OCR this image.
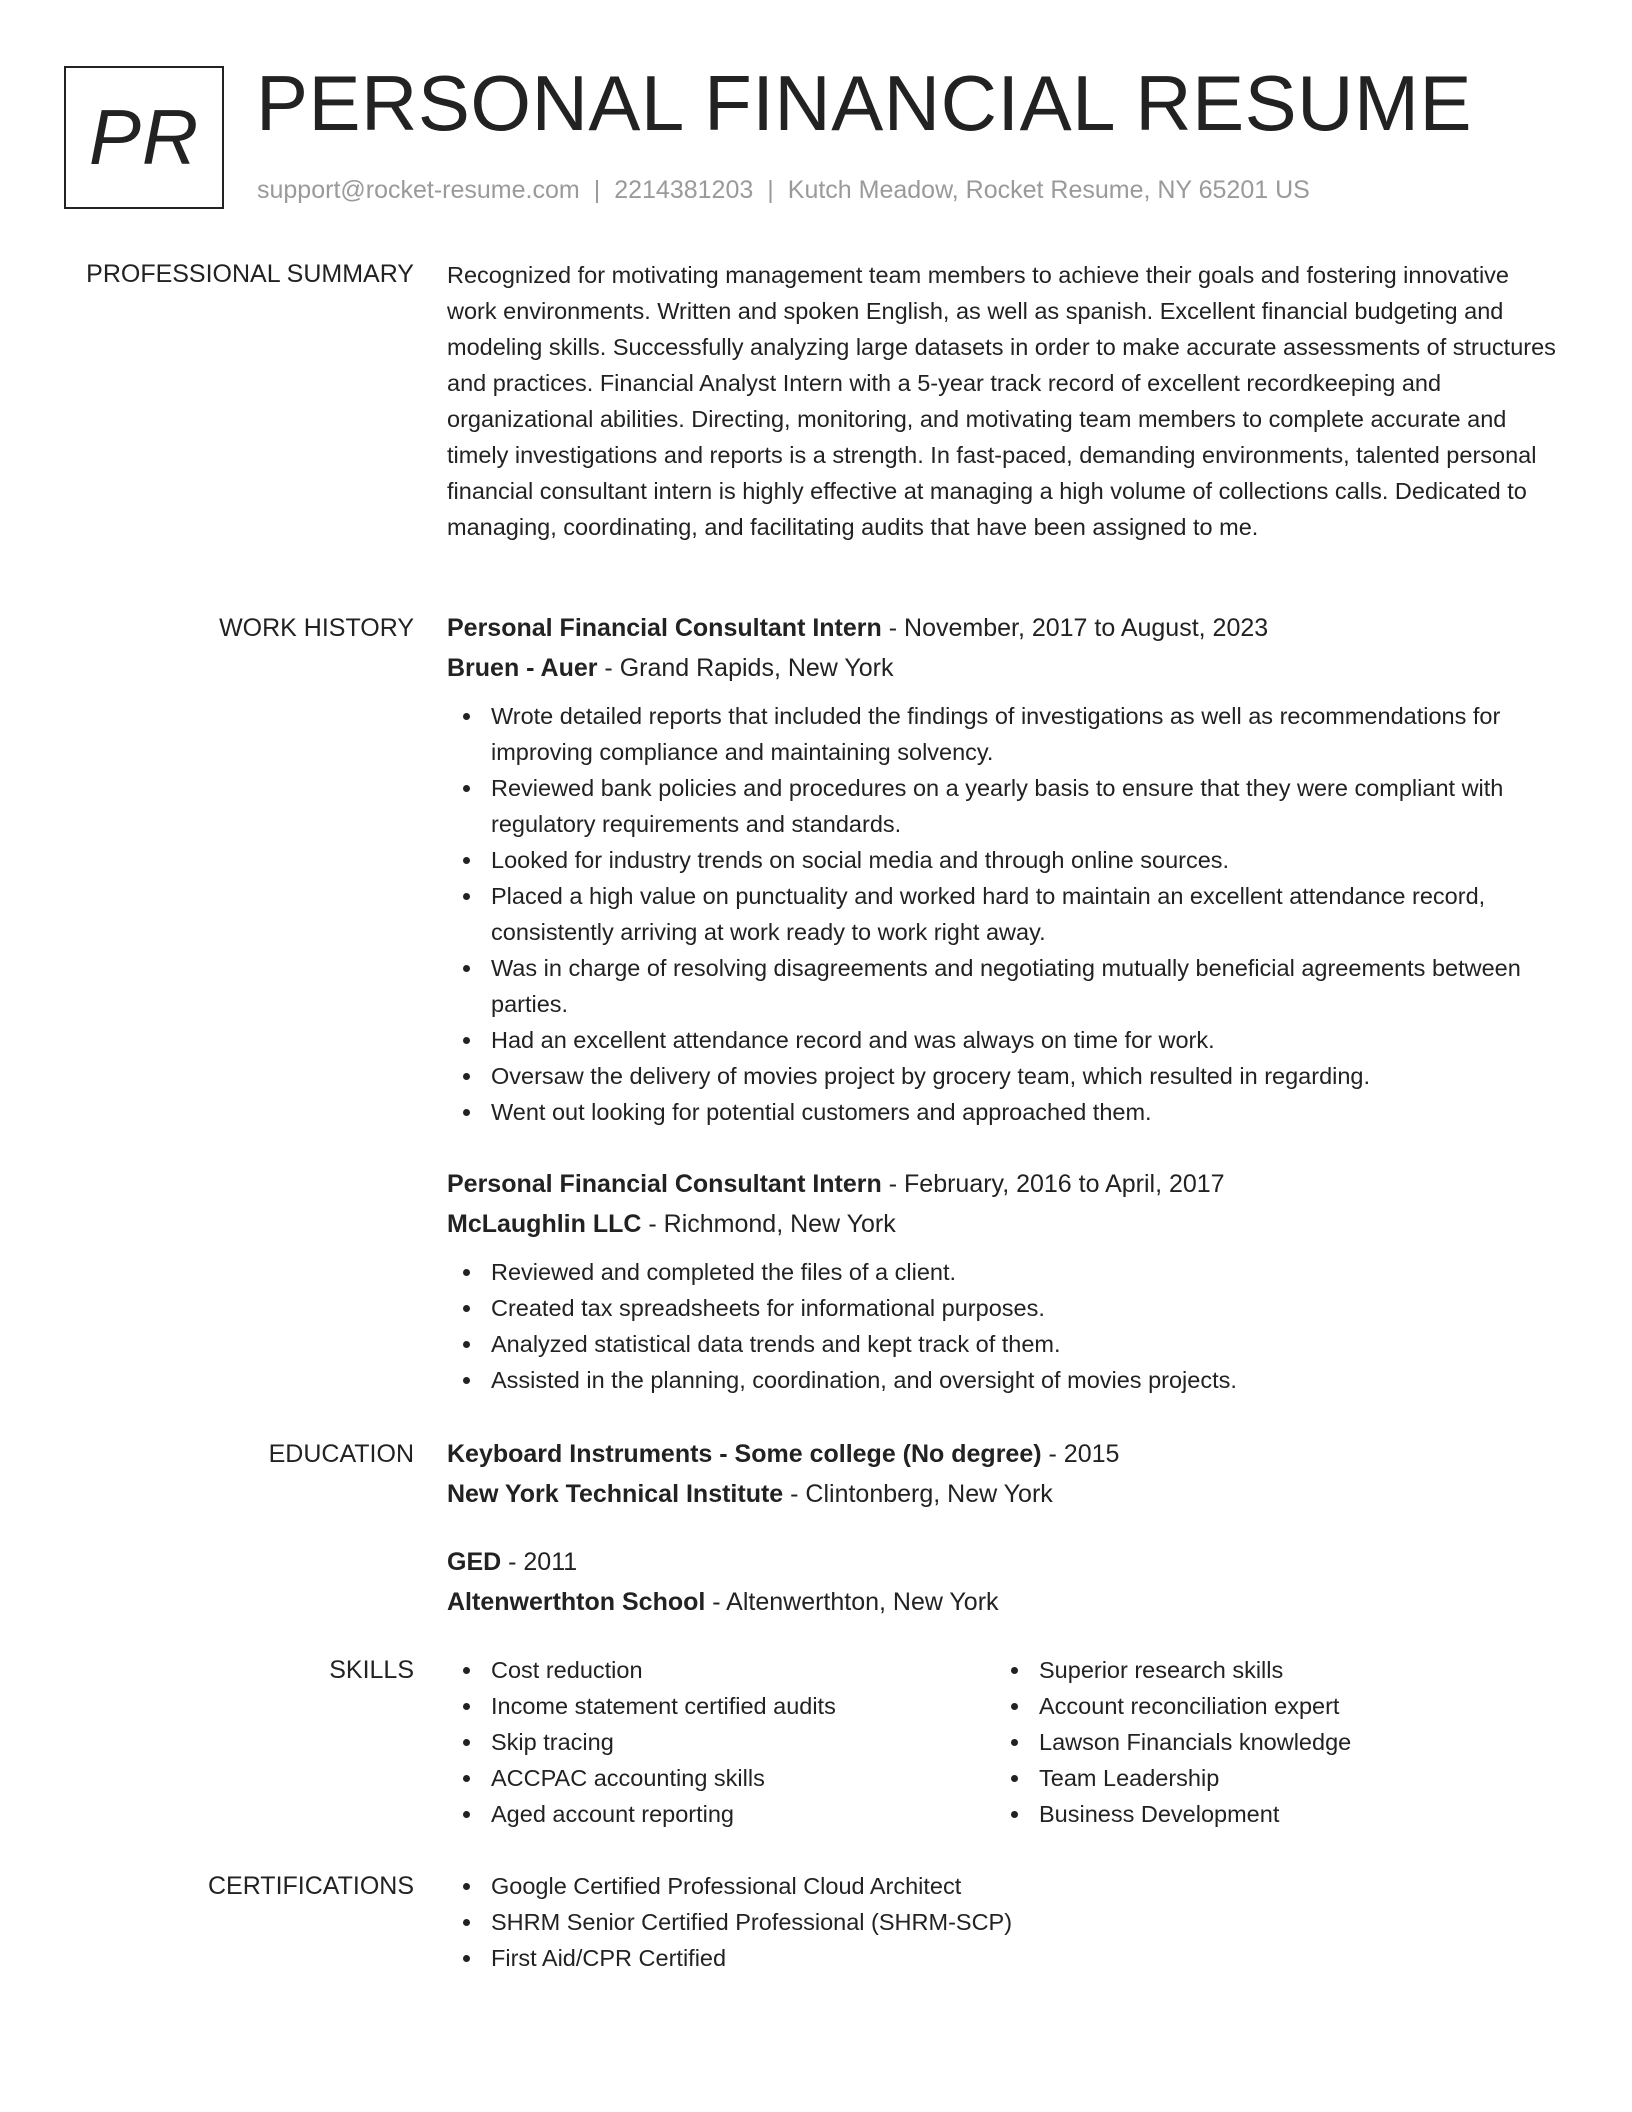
PR PERSONAL FINANCIAL RESUME
support@rocket-resume.com | 2214381203 | Kutch Meadow, Rocket Resume, NY 65201 US
PROFESSIONAL SUMMARY Recognized for motivating management team members to achieve their goals and fostering innovative work environments. Written and spoken English, as well as spanish. Excellent financial budgeting and modeling skills. Successfully analyzing large datasets in order to make accurate assessments of structures and practices. Financial Analyst Intern with a 5-year track record of excellent recordkeeping and organizational abilities. Directing, monitoring, and motivating team members to complete accurate and timely investigations and reports is a strength. In fast-paced, demanding environments, talented personal financial consultant intern is highly effective at managing a high volume of collections calls. Dedicated to managing, coordinating, and facilitating audits that have been assigned to me.

WORK HISTORY Personal Financial Consultant Intern - November, 2017 to August, 2023
Bruen - Auer - Grand Rapids, New York
Wrote detailed reports that included the findings of investigations as well as recommendations for improving compliance and maintaining solvency.
Reviewed bank policies and procedures on a yearly basis to ensure that they were compliant with regulatory requirements and standards.
Looked for industry trends on social media and through online sources.
Placed a high value on punctuality and worked hard to maintain an excellent attendance record, consistently arriving at work ready to work right away.
Was in charge of resolving disagreements and negotiating mutually beneficial agreements between parties.
Had an excellent attendance record and was always on time for work.
Oversaw the delivery of movies project by grocery team, which resulted in regarding.
Went out looking for potential customers and approached them.
Personal Financial Consultant Intern - February, 2016 to April, 2017
McLaughlin LLC - Richmond, New York
Reviewed and completed the files of a client.
Created tax spreadsheets for informational purposes.
Analyzed statistical data trends and kept track of them.
Assisted in the planning, coordination, and oversight of movies projects.
EDUCATION Keyboard Instruments - Some college (No degree) - 2015
New York Technical Institute - Clintonberg, New York
GED - 2011
Altenwerthton School - Altenwerthton, New York
SKILLS	Cost reduction
Income statement certified audits
Skip tracing
ACCPAC accounting skills
Aged account reporting
Superior research skills
Account reconciliation expert
Lawson Financials knowledge
Team Leadership
Business Development
CERTIFICATIONS	Google Certified Professional Cloud Architect
SHRM Senior Certified Professional (SHRM-SCP)
First Aid/CPR Certified
